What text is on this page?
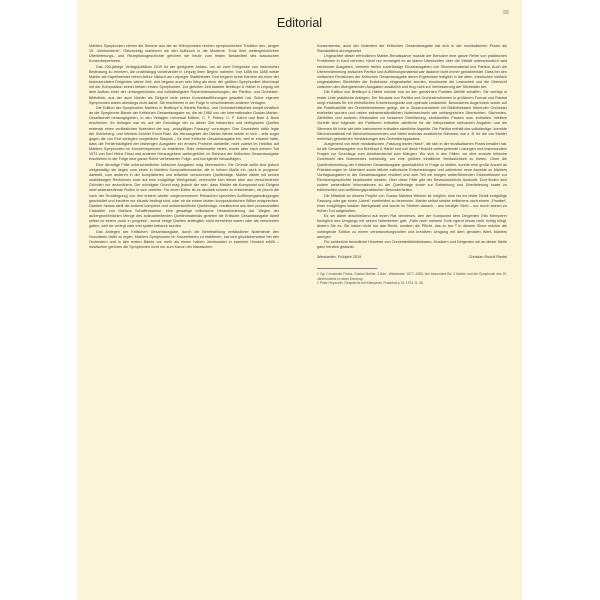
III
Editorial

Mahlers Symphonien ziehen die Summe aus der an Höhepunkten reichen symphonischen Tradition des „langen 19. Jahrhunderts“. Gleichzeitig markieren sie den Aufbruch in die Moderne. Trotz ihrer weitergreichlichen Überlieferungs- und Rezeptionsgeschichte gehören sie heute zum festen Bestandteil des klassischen Konzertrepertoires.

Das 200-jährige Verlagsjubiläum 2019 ist der geeignete Anlass, um an zwei Ereignisse von historischer Bedeutung zu erinnern, die unabhängig voneinander in Leipzig ihren Beginn nahmen: Von 1886 bis 1888 wirkte Mahler als Kapellmeister neben Arthur Nikisch am Leipziger Stadttheater. Dort begann seine Karriere als einer der bedeutendsten Dirigenten seiner Zeit; dort begann auch sein Weg als einer der größten Symphoniker überhaupt mit der Komposition seiner beiden ersten Symphonien. Zur gleichen Zeit startete Breitkopf & Härtel in Leipzig mit dem Aufbau einer der umfangreichsten und vollständigsten Repertoiresammlungen, der Partitur- und Orchester-Bibliothek, aus der auch Mahler als Dirigent viele seiner Konzertaufführungen gestaltet hat. Seine eigenen Symphonien waren allerdings nicht dabei. Sie erschienen in der Folge in verschiedenen anderen Verlagen.

Die Edition der Symphonien Mahlers in Breitkopf & Härtels Partitur- und Orchesterbibliothek knüpft inhaltlich an die Symphonie-Bände der Kritischen Gesamtausgabe an, die ab 1960 von der Internationalen Gustav-Mahler-Gesellschaft herausgegeben, in den Verlagen Universal Edition, C. F. Peters, C. F. Kahnt und Bote & Bock erschienen. Ihr Anliegen war es, auf der Grundlage der zu dieser Zeit bekannten und verfügbaren Quellen erstmals einen verlässlichen Notentext der sog. „endgültigen Fassung“ vorzulegen. Den Grundstein dafür legte der Schönberg- und Webern-Schüler Erwin Ratz. Als Herausgeber der Mahler-Werke setzte er sich – teils sogar gegen die von Erst verlegten vorgebliche Skepsis – für eine Kritische Gesamtausgabe ein, weil er erkannt hatte, dass die Fehlerhäufigkeit der bisherigen Ausgaben ein ernstes Problem darstellte, nicht zuletzt im Hinblick auf Mahlers Symphonien im Konzertrepertoire zu etablieren. Ratz verbesserte vieles, wurde aber nach seinem Tod 1973 von Karl Heinz Füssl und anderen Herausgebern weitergeführt, im Rahmen der Kritischen Gesamtausgabe erschienen in der Folge eine ganze Reihe verbesserter Folge- und korrigierter Neuauflagen.

Eine derartige Fülle unterschiedlicher kritischer Ausgaben mag überraschen. Die Gründe dafür sind jedoch vielgestaltig: sie liegen zum einen in Mahlers Kompositionsweise, die in hohem Maße ein „work in progress“ darstellt, zum anderen in der komplizierten und teilweise verworrenen Quellenlage. Mahler zählte mit seinen unablässigen Revisionen zwar auf eine endgültige Werkgestalt, vermochte sich dieser aber aus verschiedenen Gründen nur anzunähern. Der wichtigste Grund mag jedoch der sein, dass Mahler als Komponist und Dirigent zwei widerstreitende Rollen in sich vereinte. Für einen Editor ist es deshalb schwer zu entscheiden, ob (durch die nach der Drucklegung) von ihm erstere wieder vorgenommenen Retuschen speziellen Aufführungsbedingungen geschuldet und insofern nur situativ bedingt sind, oder ob sie einem letzten kompositorischen Willen entsprechen. Darüber hinaus stellt die außerst komplexe und unübersichtliche Quellenlage, resultierend aus dem prozesshaften Charakter von Mahlers Schaffensweise, eine gewaltige editorische Herausforderung dar. Wegen der außergewöhnlichen Menge des aufzuarbeitenden Quellenmaterials gerieten die Kritische Gesamtausgabe damit selbst zu einem „work in progress“, zumal einige Quellen anfänglich nicht erreichbar waren oder als verschollen galten, weil sie verlegt oder erst später bekannt wurden.

Das Anliegen der Kritischen Gesamtausgabe, durch die Bereitstellung verlässlicher Notentexte den Grundstein dafür zu legen, Mahlers Symphonien im Konzertleben zu etablieren, hat sich glücklicherweise bei den Orchestern und in den ersten Bände vor mehr als einem halben Jahrhundert in zweierlei Hinsicht erfüllt – inzwischen gehören die Symphonien nicht nur zum Kanon der klassischen

Konzertwerke, auch der Notentext der Kritischen Gesamtausgabe hat sich in der musikalischen Praxis als Standardtext durchgesetzt.

Ungeachtet dieser erfreulichen Mahler-Renaissance musste der Benutzer eine ganze Reihe von praktischen Problemen in Kauf nehmen. Nicht nur ermangelt es an klaren Übersichten über die Vielfalt unterschiedlich weit reichender Ausgaben, vielmehr fehlen zuverlässige Einzelausgaben von Stimmenmaterial und Partitur. Auch die Übereinstimmung zwischen Partitur und Aufführungsmaterial war dadurch nicht immer gewährleistet. Dass bei den vielfachen Revisionen der Kritischen Gesamtausgabe deren Ergebnisse lediglich in die alten, inzwischen vielfach umgestalteten Stichbilder der Erstdrucke eingearbeitet wurden, erschwerte die Lesbarkeit und die Übersicht zwischen den divergierenden Ausgaben zusätzlich und trug nicht zur Verbesserung der Stichbilder bei.

Die Edition von Breitkopf & Härtel möchte nun an den genannten Punkten Abhilfe schaffen. Sie verfolgt in erster Linie praktische Anliegen. Der Neusatz von Partitur und Orchesterstimmen in größerem Format und Rastral sorgt erstmals für ein einheitliches Erscheinungsbild und optimale Lesbarkeit. Besonderes Augenmerk wurde auf die Praktikabilität der Orchesterstimmen gelegt, die in Zusammenarbeit mit Bibliothekaren führender Orchester erarbeitet wurden und neben selbstverständlichen Notenwechseln wie umfangreichen Übersichten, Stichnoten, Zählhilfen und anderen Merkmalen zur besseren Orientierung, strukturellen Pausen usw. enthalten. Weitere Vorteile sind folgende: die Partituren enthalten sämtliche für die Interpretation relevanten Angaben und die Stimmen für hohe wie tiefe Instrumente enthalten sämtliche Aspekte. Die Partitur enthält das vollständige, korrekte Stimmenmaterial mit Wechselinstrumenten und bietet erstmals zusätzliche Stimmen, wie z. B. für die von Mahler mehrfach geforderten Verstärkungen des Orchesterapparates.

Ausgehend von einer musikalischen „Fassung letzter Hand“, die sich in der musikalischen Praxis bewährt hat, ist die Gesamtausgabe von Breitkopf & Härtel und soll diese Hinsicht weitergehende Lösungen und insbesondere Fragen zur Grundlage zum Arbeitsmaterial zum Klängen. Wo sich in den Fällen, wo eine erneute kritische Durchsicht des Notentextes notwendig, um eine größere inhaltliche Verlässlichkeit zu bieten. Ohne die Quellenbewertung der Kritischen Gesamtausgabe grundsätzlich in Frage zu stellen, konnte eine große Anzahl an Präzisierungen im Notentext sowie etliche editorische Entscheidungen und zahlreiche neue Aspekte zu Mahlers Vortragsangaben in der Gesamtausgabe revidiert und zum Teil mit einigen weiterführenden Erkenntnissen zur Revisionsgeschichte beantwortet werden. Über diese Fälle gibt der Revisionsbericht Auskunft. Dort finden sich zudem wesentliche Informationen zu der Quellenlage sowie zur Entstehung und Überlieferung sowie zu editorischen und aufführungspraktischen Besonderheiten.

Die Mitarbeit an diesem Projekt von Gustav Mahlers Werken ist möglich, eine bis ins letzte Detail endgültige Fassung oder gar einen „Urtext“ zweifelsfrei zu benennen. Mahler selbst strebte zeitlebens nach einem „Finalitet“, einer endgültigen idealen Werkgestalt und wurde im Streben danach – aus heutiger Sicht – nur durch seinen zu frühen Tod aufgehalten.

Es sei daher abschließend auf einen Rat verwiesen, den der Komponist dem Dirigenten Otto Klemperer bezüglich des Umgangs mit seinen Notentexten gab: „Falls nach meinem Tode irgend etwas nicht richtig klingt, ändern Sie es. Sie haben nicht nur das Recht, sondern die Pflicht, das zu tun.“² In diesem Sinne möchte die vorliegende Edition zu einem verantwortungsvollen und kreativen Umgang mit dem genialen Werk Mahlers anregen.

Für zahlreiche freundliche Hinweise von Orchesterbibliothekaren, Musikern und Dirigenten sei an dieser Stelle ganz herzlich gedankt.

Wiesbaden, Frühjahr 2019	Christian Rudolf Riedel

1 Vgl. Constantin Floros, Gustav Mahler, 3 Bde., Wiesbaden 1977–1985; hier besonders Bd. 2 Mahler und die Symphonik des 19. Jahrhunderts in neuer Deutung.

2 Peter Heyworth, Gespräche mit Klemperer, Frankfurt a. M. 1974, S. 46.
